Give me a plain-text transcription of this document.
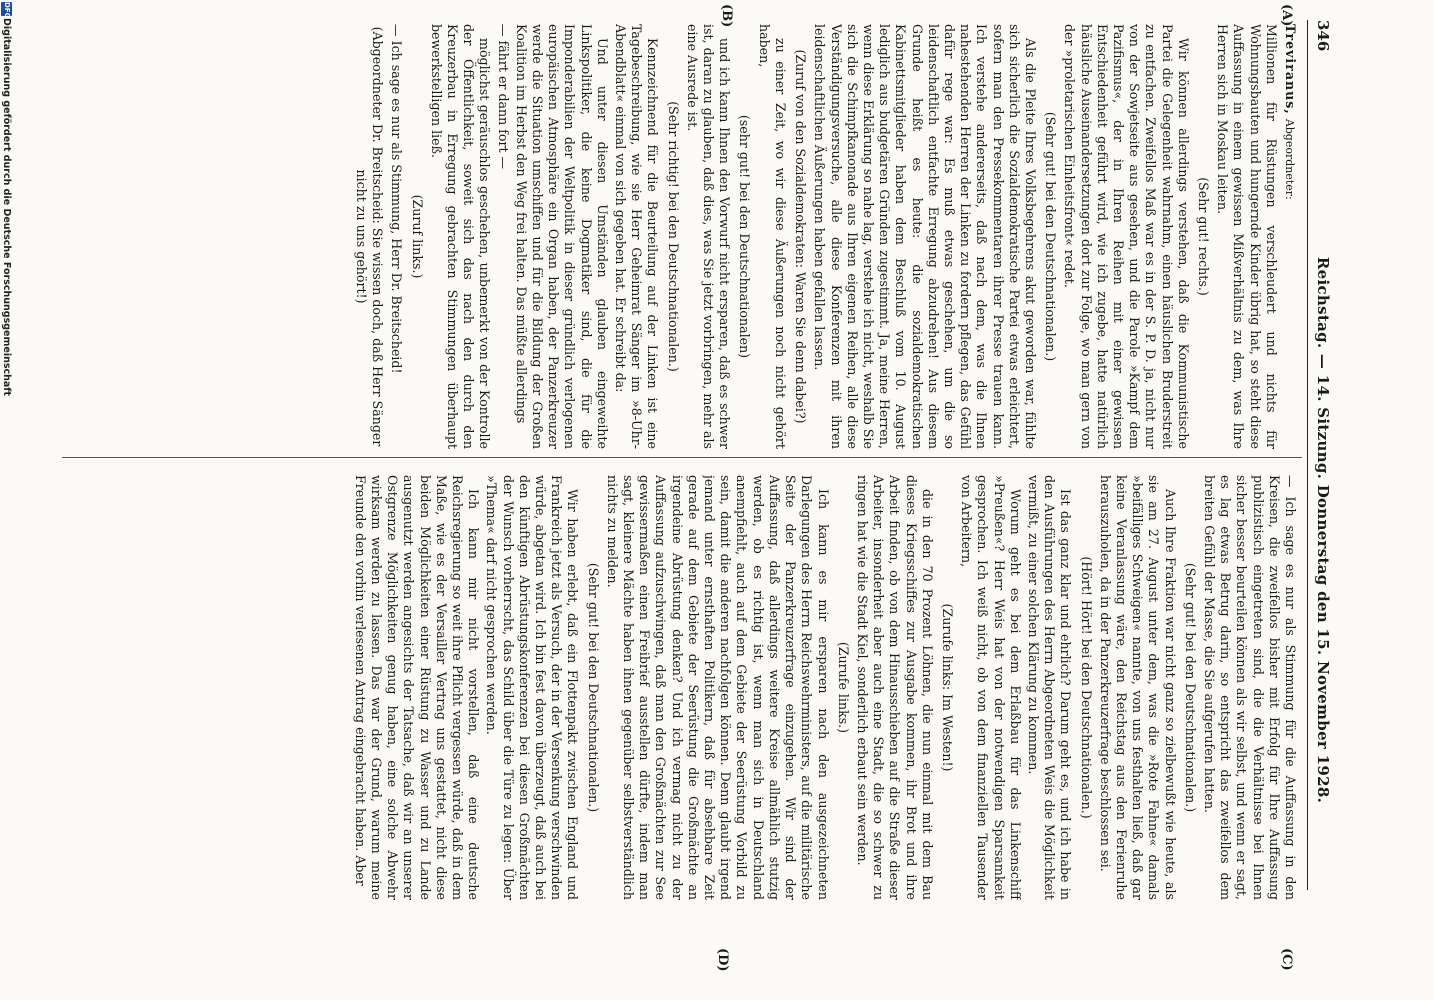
346
Reichstag. — 14. Sitzung. Donnerstag den 15. November 1928.
(A)
(B)
(C)
(D)

Treviranus, Abgeordneter:

Millionen für Rüstungen verschleudert und nichts für Wohnungsbauten und hungernde Kinder übrig hat, so steht diese Auffassung in einem gewissen Mißverhältnis zu dem, was Ihre Herren sich in Moskau leiten.

(Sehr gut! rechts.)

Wir können allerdings verstehen, daß die Kommunistische Partei die Gelegenheit wahrnahm, einen häuslichen Bruderstreit zu entfachen. Zweifellos Maß war es in der S. P. D. ja, nicht nur von der Sowjetseite aus gesehen, und die Parole »Kampf dem Pazifismus«, der in Ihren Reihen mit einer gewissen Entschiedenheit geführt wird, wie ich zugebe, hatte natürlich häusliche Auseinandersetzungen dort zur Folge, wo man gern von der »proletarischen Einheitsfront« redet.

(Sehr gut! bei den Deutschnationalen.)

Als die Pleite Ihres Volksbegehrens akut geworden war, fühlte sich sicherlich die Sozialdemokratische Partei etwas erleichtert, sofern man den Pressekommentaren ihrer Presse trauen kann. Ich verstehe andererseits, daß nach dem, was die Ihnen nahestehenden Herren der Linken zu fordern pflegen, das Gefühl dafür rege war: Es muß etwas geschehen, um die so leidenschaftlich entfachte Erregung abzudrehen! Aus diesem Grunde heißt es heute: die sozialdemokratischen Kabinettsmitglieder haben dem Beschluß vom 10. August lediglich aus budgetären Gründen zugestimmt. Ja, meine Herren, wenn diese Erklärung so nahe lag, verstehe ich nicht, weshalb Sie sich die Schimpfkanonade aus Ihren eigenen Reihen, alle diese Verständigungsversuche, alle diese Konferenzen mit ihren leidenschaftlichen Äußerungen haben gefallen lassen.

(Zuruf von den Sozialdemokraten: Waren Sie denn dabei?)

zu einer Zeit, wo wir diese Äußerungen noch nicht gehört haben,

(sehr gut! bei den Deutschnationalen)

und ich kann Ihnen den Vorwurf nicht ersparen, daß es schwer ist, daran zu glauben, daß dies, was Sie jetzt vorbringen, mehr als eine Ausrede ist.

(Sehr richtig! bei den Deutschnationalen.)

Kennzeichnend für die Beurteilung auf der Linken ist eine Tagebeschreibung, wie sie Herr Geheimrat Sänger im »8-Uhr-Abendblatt« einmal von sich gegeben hat. Er schreibt da:

Und unter diesen Umständen glauben eingeweihte Linkspolitiker, die keine Dogmatiker sind, die für die Imponderabilien der Weltpolitik in dieser gründlich verlogenen europäischen Atmosphäre ein Organ haben, der Panzerkreuzer werde die Situation umschiffen und für die Bildung der Großen Koalition im Herbst den Weg frei halten. Das müßte allerdings

— fährt er dann fort —

möglichst geräuschlos geschehen, unbemerkt von der Kontrolle der Öffentlichkeit, soweit sich das nach den durch den Kreuzerbau in Erregung gebrachten Stimmungen überhaupt bewerkstelligen ließ.

(Zuruf links.)

— Ich sage es nur als Stimmung, Herr Dr. Breitscheid!

(Abgeordneter Dr. Breitscheid: Sie wissen doch, daß Herr Sänger nicht zu uns gehört!)

— Ich sage es nur als Stimmung für die Auffassung in den Kreisen, die zweifellos bisher mit Erfolg für Ihre Auffassung publizistisch eingetreten sind, die die Verhältnisse bei Ihnen sicher besser beurteilen können als wir selbst, und wenn er sagt, es lag etwas Betrug darin, so entspricht das zweifellos dem breiten Gefühl der Masse, die Sie aufgerufen hatten.

(Sehr gut! bei den Deutschnationalen.)

Auch Ihre Fraktion war nicht ganz so zielbewußt wie heute, als sie am 27. August unter dem, was die »Rote Fahne« damals »beifälliges Schweigen« nannte, von uns festhalten ließ, daß gar keine Veranlassung wäre, den Reichstag aus den Ferienruhe herauszuholen, da in der Panzerkreuzerfrage beschlossen sei.

(Hört! Hört! bei den Deutschnationalen.)

Ist das ganz klar und ehrlich? Darum geht es, und ich habe in den Ausführungen des Herrn Abgeordneten Weis die Möglichkeit vermißt, zu einer solchen Klärung zu kommen.

Worum geht es bei dem Erlaßbau für das Linkenschiff »Preußen«? Herr Weis hat von der notwendigen Sparsamkeit gesprochen. Ich weiß nicht, ob von dem finanziellen Tausender von Arbeitern,

(Zurufe links: Im Westen!)

die in den 70 Prozent Löhnen, die nun einmal mit dem Bau dieses Kriegsschiffes zur Ausgabe kommen, ihr Brot und ihre Arbeit finden, ob von dem Hinausschieben auf die Straße dieser Arbeiter, insonderheit aber auch eine Stadt, die so schwer zu ringen hat wie die Stadt Kiel, sonderlich erbaut sein werden.

(Zurufe links.)

Ich kann es mir ersparen nach den ausgezeichneten Darlegungen des Herrn Reichswehrministers, auf die militärische Seite der Panzerkreuzerfrage einzugehen. Wir sind der Auffassung, daß allerdings weitere Kreise allmählich stutzig werden, ob es richtig ist, wenn man sich in Deutschland anempfiehlt, auch auf dem Gebiete der Seerüstung Vorbild zu sein, damit die anderen nachfolgen können. Denn glaubt irgend jemand unter ernsthaften Politikern, daß für absehbare Zeit gerade auf dem Gebiete der Seerüstung die Großmächte an irgendeine Abrüstung denken? Und ich vermag nicht zu der Auffassung aufzuschwingen, daß man den Großmächten zur See gewissermaßen einen Freibrief ausstellen dürfte, indem man sagt, kleinere Mächte haben ihnen gegenüber selbstverständlich nichts zu melden.

(Sehr gut! bei den Deutschnationalen.)

Wir haben erlebt, daß ein Flottenpakt zwischen England und Frankreich jetzt als Versuch, der in der Versenkung verschwinden würde, abgetan wird. Ich bin fest davon überzeugt, daß auch bei den künftigen Abrüstungskonferenzen bei diesen Großmächten der Wunsch vorherrscht, das Schild über die Türe zu legen: Über »Thema« darf nicht gesprochen werden.

Ich kann mir nicht vorstellen, daß eine deutsche Reichsregierung so weit ihre Pflicht vergessen würde, daß in dem Maße, wie es der Versailler Vertrag uns gestattet, nicht diese beiden Möglichkeiten einer Rüstung zu Wasser und zu Lande ausgenutzt werden angesichts der Tatsache, daß wir an unserer Ostgrenze Möglichkeiten genug haben, eine solche Abwehr wirksam werden zu lassen. Das war der Grund, warum meine Freunde den vorhin verlesenen Antrag eingebracht haben. Aber

DFG
Digitalisierung gefördert durch die Deutsche Forschungsgemeinschaft
